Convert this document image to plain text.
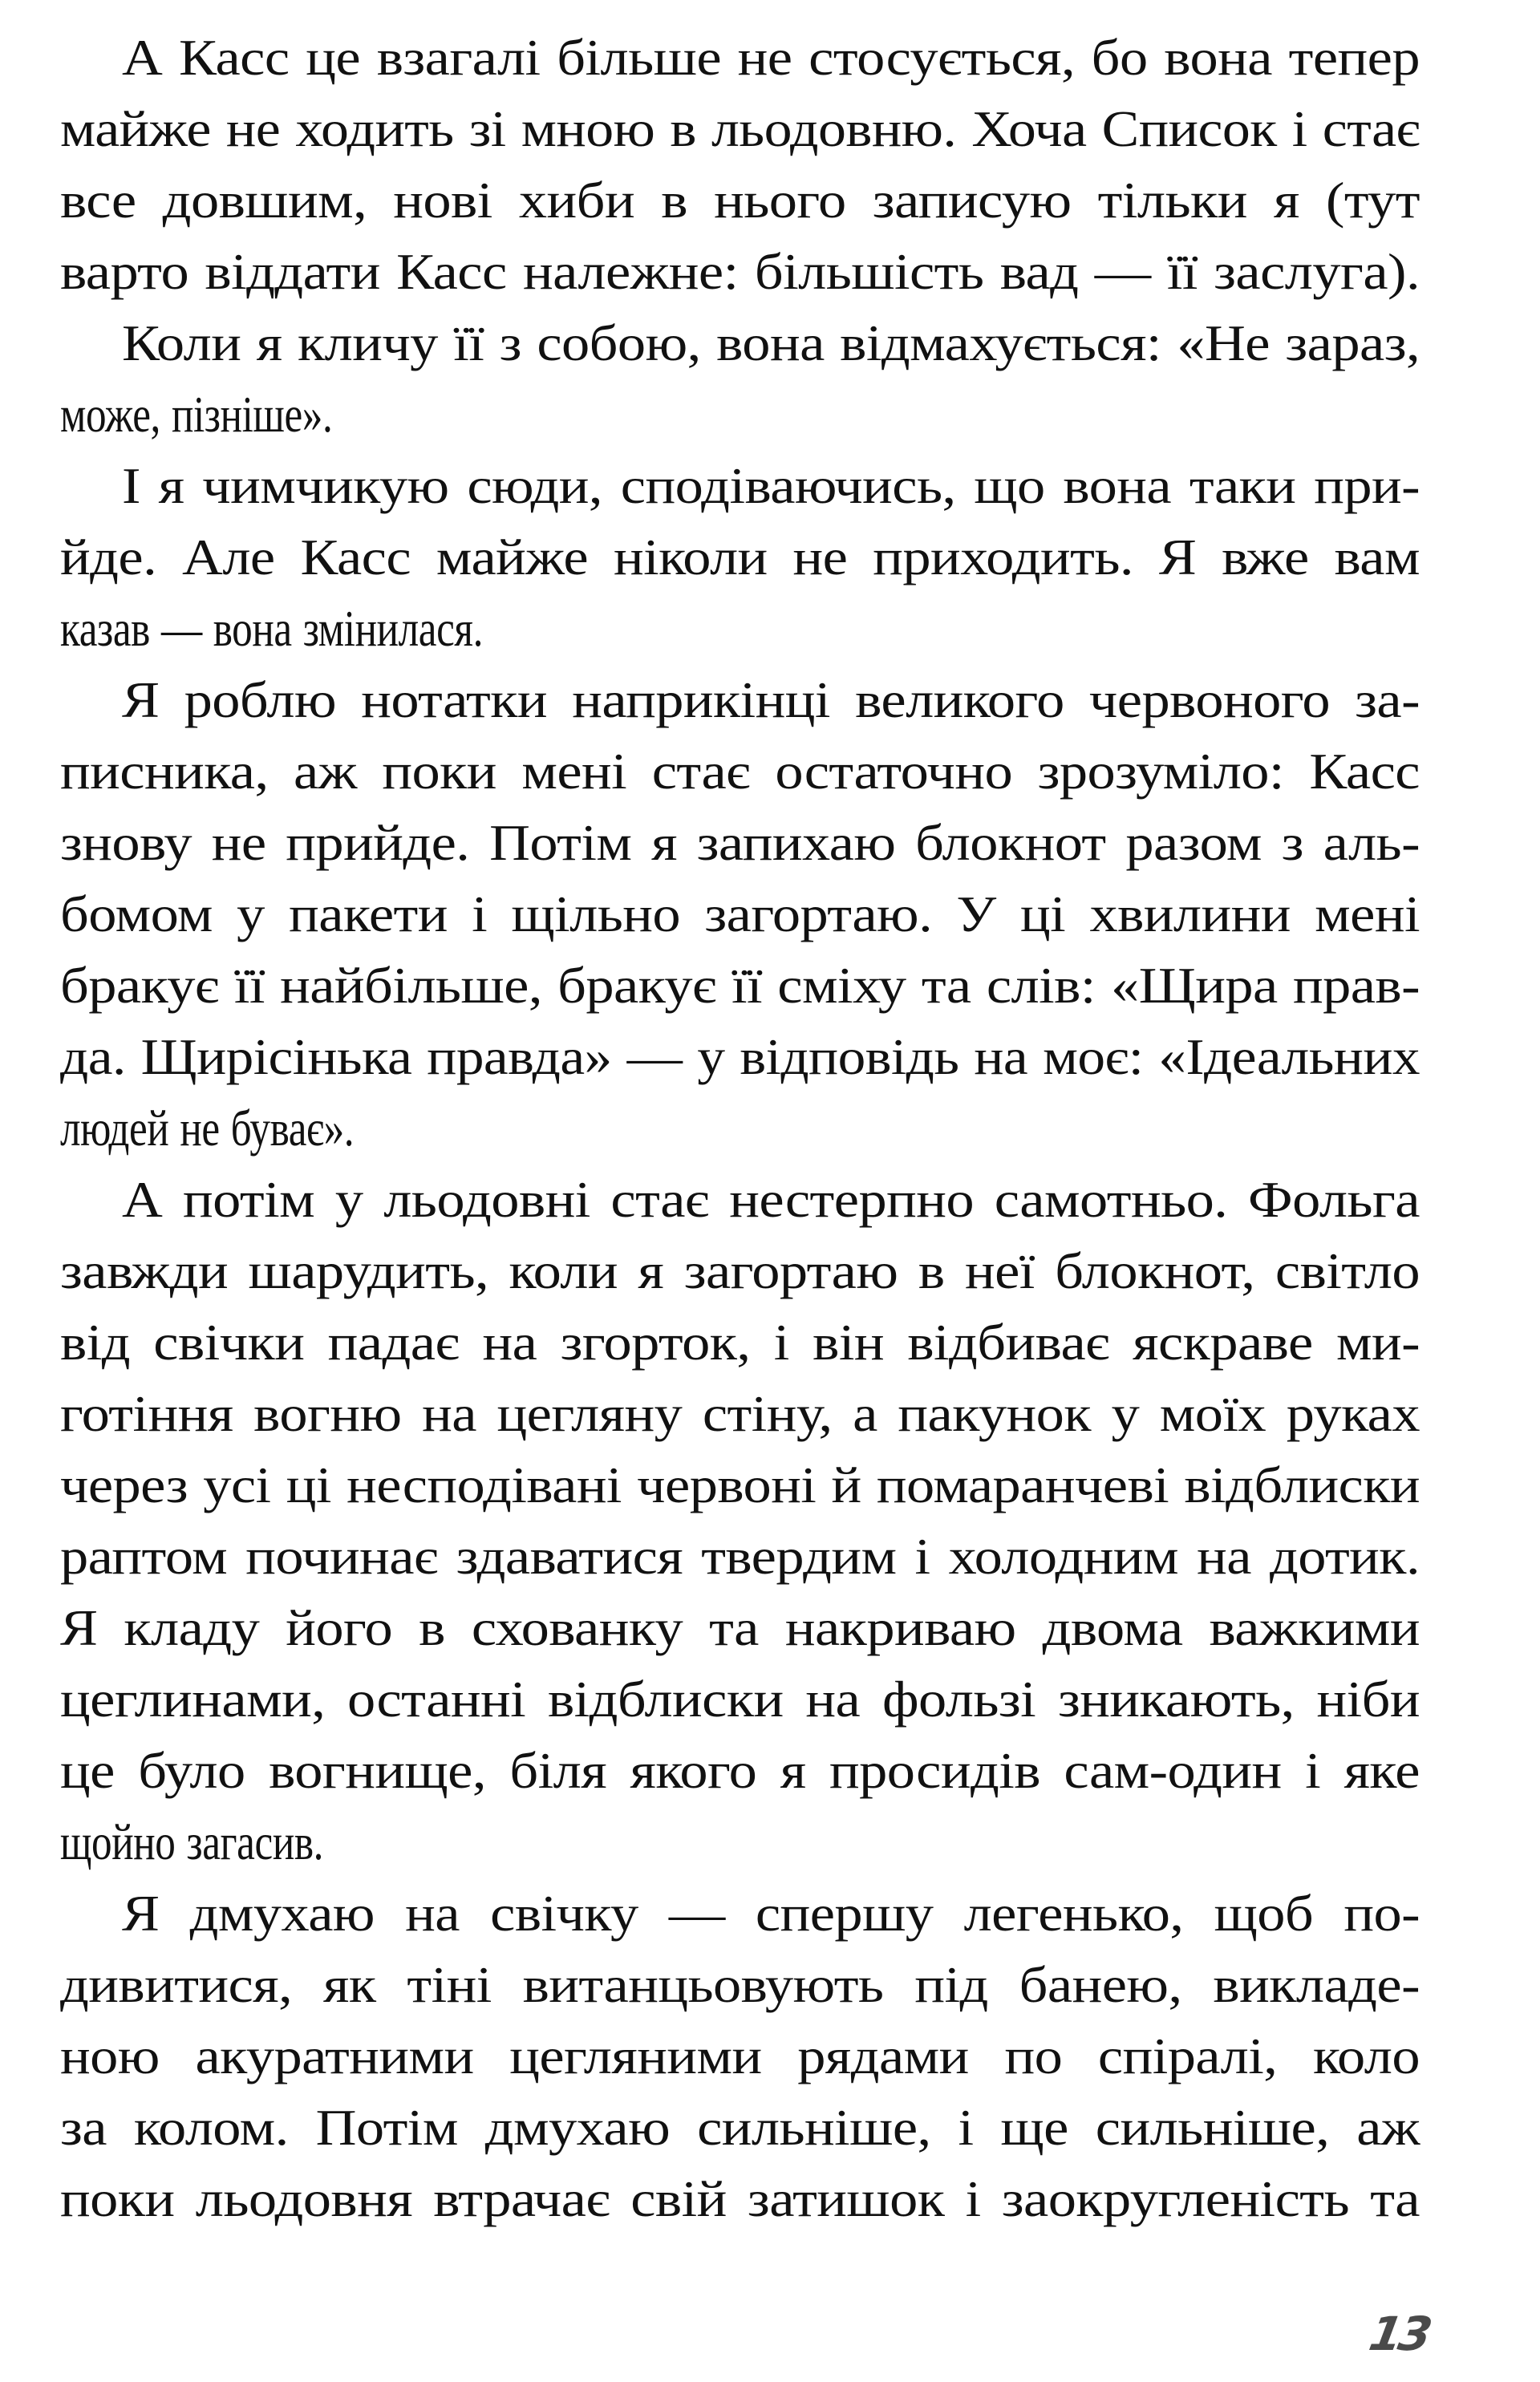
А Касс це взагалі більше не стосується, бо вона тепер
майже не ходить зі мною в льодовню. Хоча Список і стає
все довшим, нові хиби в нього записую тільки я (тут
варто віддати Касс належне: більшість вад — її заслуга).
Коли я кличу її з собою, вона відмахується: «Не зараз,
може, пізніше».
І я чимчикую сюди, сподіваючись, що вона таки при-
йде. Але Касс майже ніколи не приходить. Я вже вам
казав — вона змінилася.
Я роблю нотатки наприкінці великого червоного за-
писника, аж поки мені стає остаточно зрозуміло: Касс
знову не прийде. Потім я запихаю блокнот разом з аль-
бомом у пакети і щільно загортаю. У ці хвилини мені
бракує її найбільше, бракує її сміху та слів: «Щира прав-
да. Щирісінька правда» — у відповідь на моє: «Ідеальних
людей не буває».
А потім у льодовні стає нестерпно самотньо. Фольга
завжди шарудить, коли я загортаю в неї блокнот, світло
від свічки падає на згорток, і він відбиває яскраве ми-
готіння вогню на цегляну стіну, а пакунок у моїх руках
через усі ці несподівані червоні й помаранчеві відблиски
раптом починає здаватися твердим і холодним на дотик.
Я кладу його в схованку та накриваю двома важкими
цеглинами, останні відблиски на фользі зникають, ніби
це було вогнище, біля якого я просидів сам-один і яке
щойно загасив.
Я дмухаю на свічку — спершу легенько, щоб по-
дивитися, як тіні витанцьовують під банею, викладе-
ною акуратними цегляними рядами по спіралі, коло
за колом. Потім дмухаю сильніше, і ще сильніше, аж
поки льодовня втрачає свій затишок і заокругленість та
13
